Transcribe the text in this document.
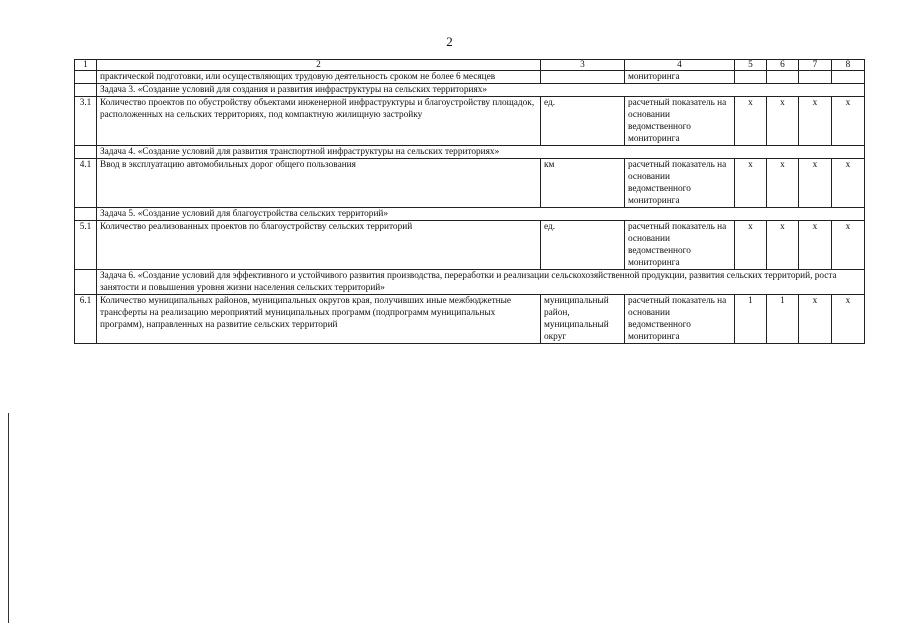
2
1	2	3	4	5	6	7	8
	практической подготовки, или осуществляющих трудовую деятельность сроком не более 6 месяцев		мониторинга				
	Задача 3. «Создание условий для создания и развития инфраструктуры на сельских территориях»						
3.1	Количество проектов по обустройству объектами инженерной инфраструктуры и благоустройству площадок, расположенных на сельских территориях, под компактную жилищную застройку	ед.	расчетный показатель на основании ведомственного мониторинга	x	x	x	x
	Задача 4. «Создание условий для развития транспортной инфраструктуры на сельских территориях»						
4.1	Ввод в эксплуатацию автомобильных дорог общего пользования	км	расчетный показатель на основании ведомственного мониторинга	x	x	x	x
	Задача 5. «Создание условий для благоустройства сельских территорий»						
5.1	Количество реализованных проектов по благоустройству сельских территорий	ед.	расчетный показатель на основании ведомственного мониторинга	x	x	x	x
	Задача 6. «Создание условий для эффективного и устойчивого развития производства, переработки и реализации сельскохозяйственной продукции, развития сельских территорий, роста занятости и повышения уровня жизни населения сельских территорий»						
6.1	Количество муниципальных районов, муниципальных округов края, получивших иные межбюджетные трансферты на реализацию мероприятий муниципальных программ (подпрограмм муниципальных программ), направленных на развитие сельских территорий	муниципальный район, муниципальный округ	расчетный показатель на основании ведомственного мониторинга	1	1	x	x
